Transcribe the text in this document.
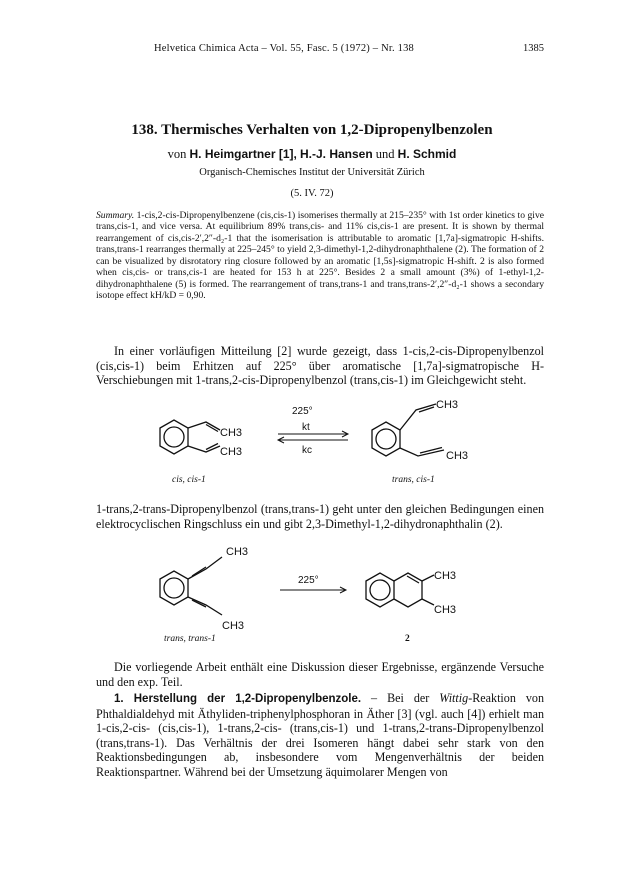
Helvetica Chimica Acta – Vol. 55, Fasc. 5 (1972) – Nr. 138	1385
138. Thermisches Verhalten von 1,2-Dipropenylbenzolen
von H. Heimgartner [1], H.-J. Hansen und H. Schmid
Organisch-Chemisches Institut der Universität Zürich
(5. IV. 72)
Summary. 1-cis,2-cis-Dipropenylbenzene (cis,cis-1) isomerises thermally at 215–235° with 1st order kinetics to give trans,cis-1, and vice versa. At equilibrium 89% trans,cis- and 11% cis,cis-1 are present. It is shown by thermal rearrangement of cis,cis-2′,2″-d₂-1 that the isomerisation is attributable to aromatic [1,7a]-sigmatropic H-shifts. trans,trans-1 rearranges thermally at 225–245° to yield 2,3-dimethyl-1,2-dihydronaphthalene (2). The formation of 2 can be visualized by disrotatory ring closure followed by an aromatic [1,5s]-sigmatropic H-shift. 2 is also formed when cis,cis- or trans,cis-1 are heated for 153 h at 225°. Besides 2 a small amount (3%) of 1-ethyl-1,2-dihydronaphthalene (5) is formed. The rearrangement of trans,trans-1 and trans,trans-2′,2″-d₂-1 shows a secondary isotope effect kH/kD = 0,90.
In einer vorläufigen Mitteilung [2] wurde gezeigt, dass 1-cis,2-cis-Dipropenylbenzol (cis,cis-1) beim Erhitzen auf 225° über aromatische [1,7a]-sigmatropische H-Verschiebungen mit 1-trans,2-cis-Dipropenylbenzol (trans,cis-1) im Gleichgewicht steht.
CH3
CH3
cis, cis-1
225°
kt
kc
CH3
CH3
trans, cis-1
1-trans,2-trans-Dipropenylbenzol (trans,trans-1) geht unter den gleichen Bedingungen einen elektrocyclischen Ringschluss ein und gibt 2,3-Dimethyl-1,2-dihydronaphthalin (2).
CH3
CH3
trans, trans-1
225°	CH3
CH3
2
Die vorliegende Arbeit enthält eine Diskussion dieser Ergebnisse, ergänzende Versuche und den exp. Teil.
1. Herstellung der 1,2-Dipropenylbenzole. – Bei der Wittig-Reaktion von Phthaldialdehyd mit Äthyliden-triphenylphosphoran in Äther [3] (vgl. auch [4]) erhielt man 1-cis,2-cis- (cis,cis-1), 1-trans,2-cis- (trans,cis-1) und 1-trans,2-trans-Dipropenylbenzol (trans,trans-1). Das Verhältnis der drei Isomeren hängt dabei sehr stark von den Reaktionsbedingungen ab, insbesondere vom Mengenverhältnis der beiden Reaktionspartner. Während bei der Umsetzung äquimolarer Mengen von
